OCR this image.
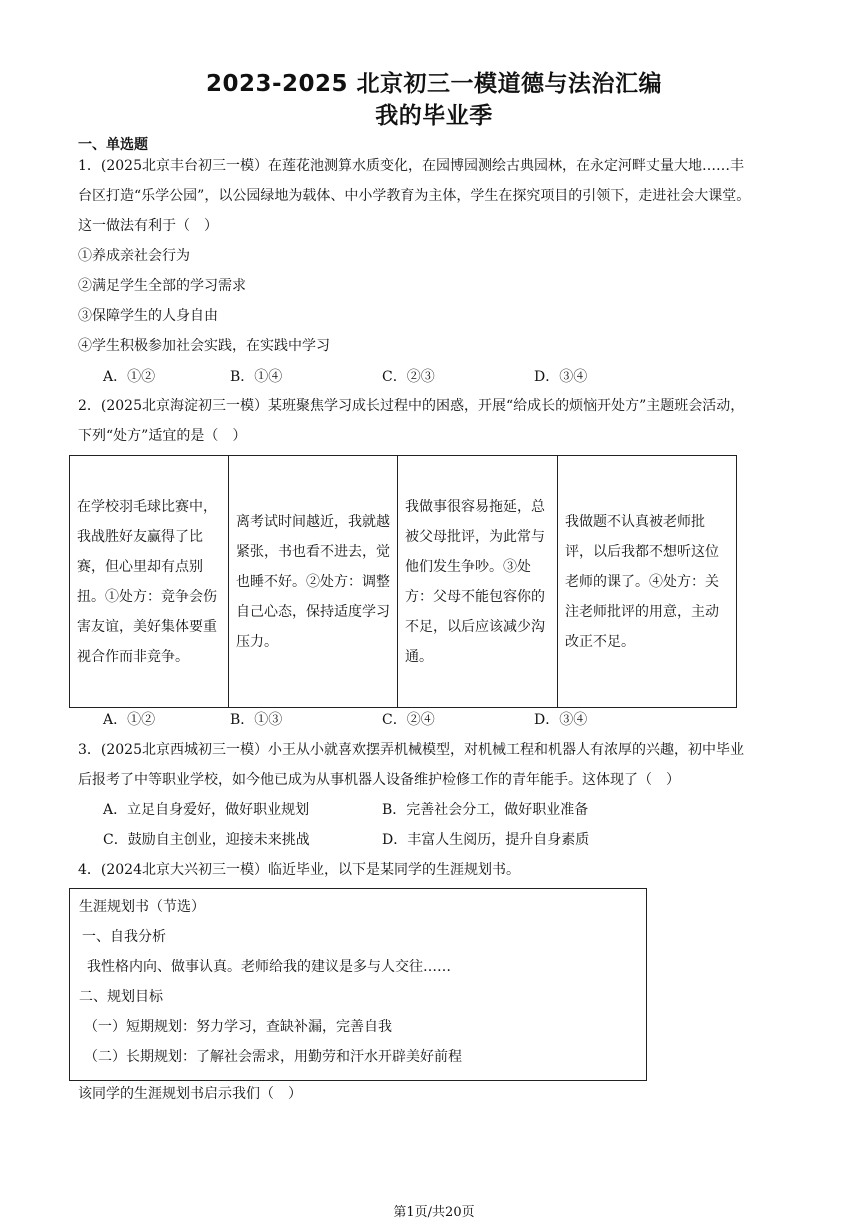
2023-2025 北京初三一模道德与法治汇编
我的毕业季
一、单选题
1．(2025北京丰台初三一模）在莲花池测算水质变化，在园博园测绘古典园林，在永定河畔丈量大地……丰
台区打造“乐学公园”，以公园绿地为载体、中小学教育为主体，学生在探究项目的引领下，走进社会大课堂。
这一做法有利于（　）
①养成亲社会行为
②满足学生全部的学习需求
③保障学生的人身自由
④学生积极参加社会实践，在实践中学习
A．①②	B．①④	C．②③	D．③④
2．(2025北京海淀初三一模）某班聚焦学习成长过程中的困惑，开展“给成长的烦恼开处方”主题班会活动，
下列“处方”适宜的是（　）
在学校羽毛球比赛中，我战胜好友赢得了比赛，但心里却有点别扭。①处方：竞争会伤害友谊，美好集体要重视合作而非竞争。	离考试时间越近，我就越紧张，书也看不进去，觉也睡不好。②处方：调整自己心态，保持适度学习压力。	我做事很容易拖延，总被父母批评，为此常与他们发生争吵。③处方：父母不能包容你的不足，以后应该减少沟通。	我做题不认真被老师批评，以后我都不想听这位老师的课了。④处方：关注老师批评的用意，主动改正不足。
A．①②	B．①③	C．②④	D．③④
3．(2025北京西城初三一模）小王从小就喜欢摆弄机械模型，对机械工程和机器人有浓厚的兴趣，初中毕业
后报考了中等职业学校，如今他已成为从事机器人设备维护检修工作的青年能手。这体现了（　）
A．立足自身爱好，做好职业规划	B．完善社会分工，做好职业准备
C．鼓励自主创业，迎接未来挑战	D．丰富人生阅历，提升自身素质
4．(2024北京大兴初三一模）临近毕业，以下是某同学的生涯规划书。
生涯规划书（节选）
一、自我分析
我性格内向、做事认真。老师给我的建议是多与人交往……
二、规划目标
（一）短期规划：努力学习，查缺补漏，完善自我
（二）长期规划：了解社会需求，用勤劳和汗水开辟美好前程
该同学的生涯规划书启示我们（　）
第1页/共20页
